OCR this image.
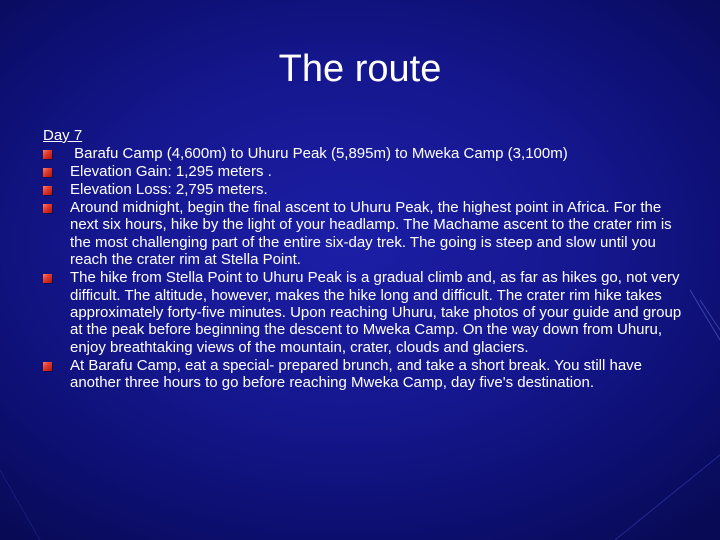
The route
Day 7
Barafu Camp (4,600m) to Uhuru Peak (5,895m) to Mweka Camp (3,100m)
Elevation Gain: 1,295 meters .
Elevation Loss: 2,795 meters.
Around midnight, begin the final ascent to Uhuru Peak, the highest point in Africa. For the next six hours, hike by the light of your headlamp. The Machame ascent to the crater rim is the most challenging part of the entire six-day trek. The going is steep and slow until you reach the crater rim at Stella Point.
The hike from Stella Point to Uhuru Peak is a gradual climb and, as far as hikes go, not very difficult. The altitude, however, makes the hike long and difficult. The crater rim hike takes approximately forty-five minutes. Upon reaching Uhuru, take photos of your guide and group at the peak before beginning the descent to Mweka Camp. On the way down from Uhuru, enjoy breathtaking views of the mountain, crater, clouds and glaciers.
At Barafu Camp, eat a special- prepared brunch, and take a short break. You still have another three hours to go before reaching Mweka Camp, day five's destination.
